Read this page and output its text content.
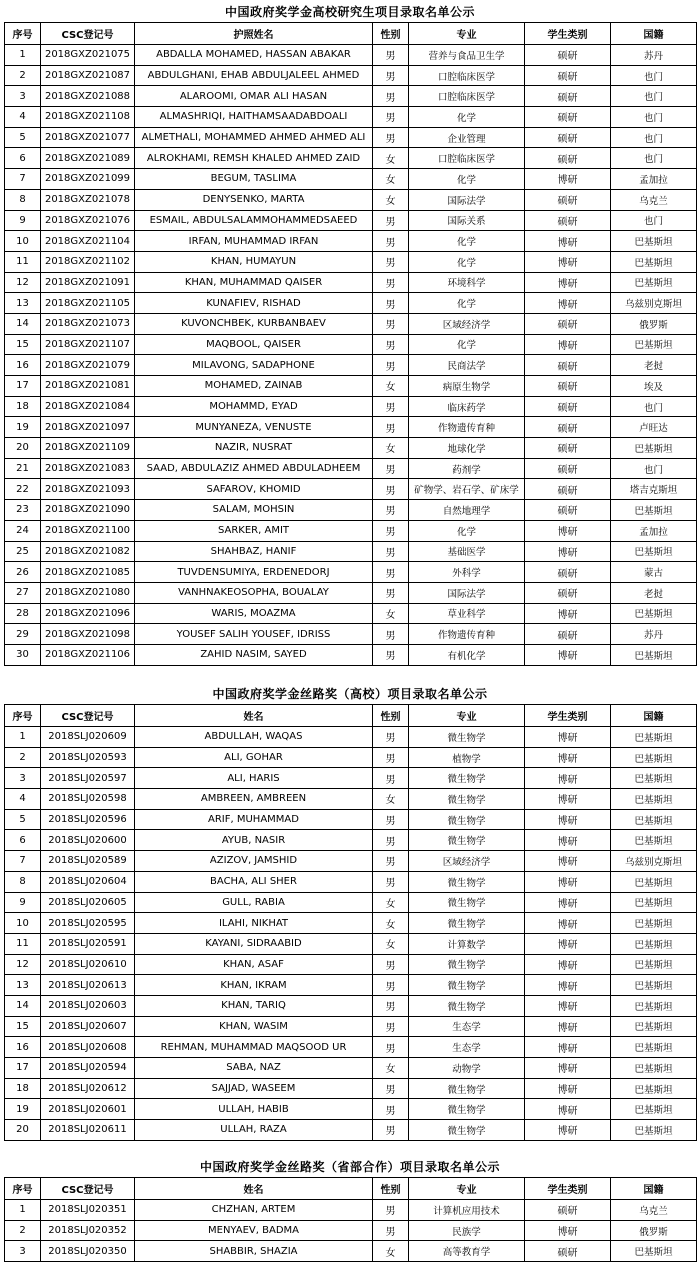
中国政府奖学金高校研究生项目录取名单公示
序号	CSC登记号	护照姓名	性别	专业	学生类别	国籍
1	2018GXZ021075	ABDALLA MOHAMED, HASSAN ABAKAR	男	营养与食品卫生学	硕研	苏丹
2	2018GXZ021087	ABDULGHANI, EHAB ABDULJALEEL AHMED	男	口腔临床医学	硕研	也门
3	2018GXZ021088	ALAROOMI, OMAR ALI HASAN	男	口腔临床医学	硕研	也门
4	2018GXZ021108	ALMASHRIQI, HAITHAMSAADABDOALI	男	化学	硕研	也门
5	2018GXZ021077	ALMETHALI, MOHAMMED AHMED AHMED ALI	男	企业管理	硕研	也门
6	2018GXZ021089	ALROKHAMI, REMSH KHALED AHMED ZAID	女	口腔临床医学	硕研	也门
7	2018GXZ021099	BEGUM, TASLIMA	女	化学	博研	孟加拉
8	2018GXZ021078	DENYSENKO, MARTA	女	国际法学	硕研	乌克兰
9	2018GXZ021076	ESMAIL, ABDULSALAMMOHAMMEDSAEED	男	国际关系	硕研	也门
10	2018GXZ021104	IRFAN, MUHAMMAD IRFAN	男	化学	博研	巴基斯坦
11	2018GXZ021102	KHAN, HUMAYUN	男	化学	博研	巴基斯坦
12	2018GXZ021091	KHAN, MUHAMMAD QAISER	男	环境科学	博研	巴基斯坦
13	2018GXZ021105	KUNAFIEV, RISHAD	男	化学	博研	乌兹别克斯坦
14	2018GXZ021073	KUVONCHBEK, KURBANBAEV	男	区域经济学	硕研	俄罗斯
15	2018GXZ021107	MAQBOOL, QAISER	男	化学	博研	巴基斯坦
16	2018GXZ021079	MILAVONG, SADAPHONE	男	民商法学	硕研	老挝
17	2018GXZ021081	MOHAMED, ZAINAB	女	病原生物学	硕研	埃及
18	2018GXZ021084	MOHAMMD, EYAD	男	临床药学	硕研	也门
19	2018GXZ021097	MUNYANEZA, VENUSTE	男	作物遗传育种	硕研	卢旺达
20	2018GXZ021109	NAZIR, NUSRAT	女	地球化学	硕研	巴基斯坦
21	2018GXZ021083	SAAD, ABDULAZIZ AHMED ABDULADHEEM	男	药剂学	硕研	也门
22	2018GXZ021093	SAFAROV, KHOMID	男	矿物学、岩石学、矿床学	硕研	塔吉克斯坦
23	2018GXZ021090	SALAM, MOHSIN	男	自然地理学	硕研	巴基斯坦
24	2018GXZ021100	SARKER, AMIT	男	化学	博研	孟加拉
25	2018GXZ021082	SHAHBAZ, HANIF	男	基础医学	博研	巴基斯坦
26	2018GXZ021085	TUVDENSUMIYA, ERDENEDORJ	男	外科学	硕研	蒙古
27	2018GXZ021080	VANHNAKEOSOPHA, BOUALAY	男	国际法学	硕研	老挝
28	2018GXZ021096	WARIS, MOAZMA	女	草业科学	博研	巴基斯坦
29	2018GXZ021098	YOUSEF SALIH YOUSEF, IDRISS	男	作物遗传育种	硕研	苏丹
30	2018GXZ021106	ZAHID NASIM, SAYED	男	有机化学	博研	巴基斯坦
中国政府奖学金丝路奖（高校）项目录取名单公示
序号	CSC登记号	姓名	性别	专业	学生类别	国籍
1	2018SLJ020609	ABDULLAH, WAQAS	男	微生物学	博研	巴基斯坦
2	2018SLJ020593	ALI, GOHAR	男	植物学	博研	巴基斯坦
3	2018SLJ020597	ALI, HARIS	男	微生物学	博研	巴基斯坦
4	2018SLJ020598	AMBREEN, AMBREEN	女	微生物学	博研	巴基斯坦
5	2018SLJ020596	ARIF, MUHAMMAD	男	微生物学	博研	巴基斯坦
6	2018SLJ020600	AYUB, NASIR	男	微生物学	博研	巴基斯坦
7	2018SLJ020589	AZIZOV, JAMSHID	男	区域经济学	博研	乌兹别克斯坦
8	2018SLJ020604	BACHA, ALI SHER	男	微生物学	博研	巴基斯坦
9	2018SLJ020605	GULL, RABIA	女	微生物学	博研	巴基斯坦
10	2018SLJ020595	ILAHI, NIKHAT	女	微生物学	博研	巴基斯坦
11	2018SLJ020591	KAYANI, SIDRAABID	女	计算数学	博研	巴基斯坦
12	2018SLJ020610	KHAN, ASAF	男	微生物学	博研	巴基斯坦
13	2018SLJ020613	KHAN, IKRAM	男	微生物学	博研	巴基斯坦
14	2018SLJ020603	KHAN, TARIQ	男	微生物学	博研	巴基斯坦
15	2018SLJ020607	KHAN, WASIM	男	生态学	博研	巴基斯坦
16	2018SLJ020608	REHMAN, MUHAMMAD MAQSOOD UR	男	生态学	博研	巴基斯坦
17	2018SLJ020594	SABA, NAZ	女	动物学	博研	巴基斯坦
18	2018SLJ020612	SAJJAD, WASEEM	男	微生物学	博研	巴基斯坦
19	2018SLJ020601	ULLAH, HABIB	男	微生物学	博研	巴基斯坦
20	2018SLJ020611	ULLAH, RAZA	男	微生物学	博研	巴基斯坦
中国政府奖学金丝路奖（省部合作）项目录取名单公示
序号	CSC登记号	姓名	性别	专业	学生类别	国籍
1	2018SLJ020351	CHZHAN, ARTEM	男	计算机应用技术	硕研	乌克兰
2	2018SLJ020352	MENYAEV, BADMA	男	民族学	博研	俄罗斯
3	2018SLJ020350	SHABBIR, SHAZIA	女	高等教育学	硕研	巴基斯坦
